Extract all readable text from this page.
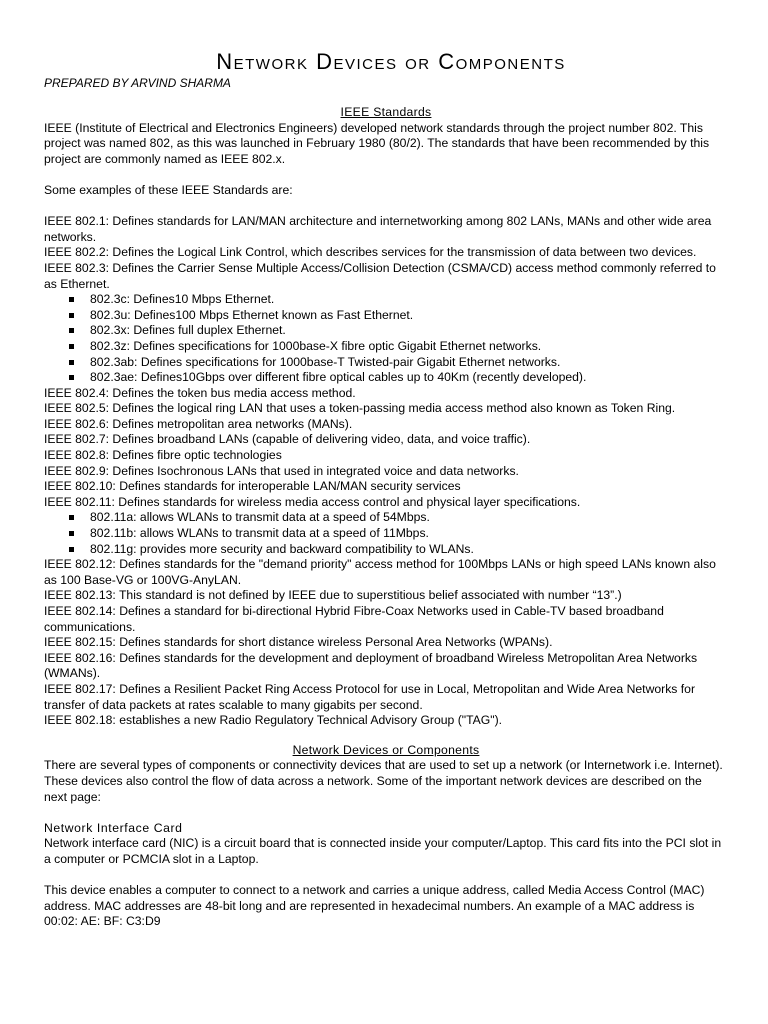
Network Devices or Components
PREPARED BY ARVIND SHARMA
IEEE Standards

IEEE (Institute of Electrical and Electronics Engineers) developed network standards through the project number 802. This project was named 802, as this was launched in February 1980 (80/2). The standards that have been recommended by this project are commonly named as IEEE 802.x.

Some examples of these IEEE Standards are:

IEEE 802.1: Defines standards for LAN/MAN architecture and internetworking among 802 LANs, MANs and other wide area networks.

IEEE 802.2: Defines the Logical Link Control, which describes services for the transmission of data between two devices.

IEEE 802.3: Defines the Carrier Sense Multiple Access/Collision Detection (CSMA/CD) access method commonly referred to as Ethernet.

802.3c: Defines10 Mbps Ethernet.
802.3u: Defines100 Mbps Ethernet known as Fast Ethernet.
802.3x: Defines full duplex Ethernet.
802.3z: Defines specifications for 1000base-X fibre optic Gigabit Ethernet networks.
802.3ab: Defines specifications for 1000base-T Twisted-pair Gigabit Ethernet networks.
802.3ae: Defines10Gbps over different fibre optical cables up to 40Km (recently developed).

IEEE 802.4: Defines the token bus media access method.

IEEE 802.5: Defines the logical ring LAN that uses a token-passing media access method also known as Token Ring.

IEEE 802.6: Defines metropolitan area networks (MANs).

IEEE 802.7: Defines broadband LANs (capable of delivering video, data, and voice traffic).

IEEE 802.8: Defines fibre optic technologies

IEEE 802.9: Defines Isochronous LANs that used in integrated voice and data networks.

IEEE 802.10: Defines standards for interoperable LAN/MAN security services

IEEE 802.11: Defines standards for wireless media access control and physical layer specifications.

802.11a: allows WLANs to transmit data at a speed of 54Mbps.
802.11b: allows WLANs to transmit data at a speed of 11Mbps.
802.11g: provides more security and backward compatibility to WLANs.

IEEE 802.12: Defines standards for the "demand priority" access method for 100Mbps LANs or high speed LANs known also as 100 Base-VG or 100VG-AnyLAN.

IEEE 802.13: This standard is not defined by IEEE due to superstitious belief associated with number “13”.)

IEEE 802.14: Defines a standard for bi-directional Hybrid Fibre-Coax Networks used in Cable-TV based broadband communications.

IEEE 802.15: Defines standards for short distance wireless Personal Area Networks (WPANs).

IEEE 802.16: Defines standards for the development and deployment of broadband Wireless Metropolitan Area Networks (WMANs).

IEEE 802.17: Defines a Resilient Packet Ring Access Protocol for use in Local, Metropolitan and Wide Area Networks for transfer of data packets at rates scalable to many gigabits per second.

IEEE 802.18: establishes a new Radio Regulatory Technical Advisory Group ("TAG").

Network Devices or Components

There are several types of components or connectivity devices that are used to set up a network (or Internetwork i.e. Internet). These devices also control the flow of data across a network. Some of the important network devices are described on the next page:

Network Interface Card

Network interface card (NIC) is a circuit board that is connected inside your computer/Laptop. This card fits into the PCI slot in a computer or PCMCIA slot in a Laptop.

This device enables a computer to connect to a network and carries a unique address, called Media Access Control (MAC) address. MAC addresses are 48-bit long and are represented in hexadecimal numbers. An example of a MAC address is 00:02: AE: BF: C3:D9
